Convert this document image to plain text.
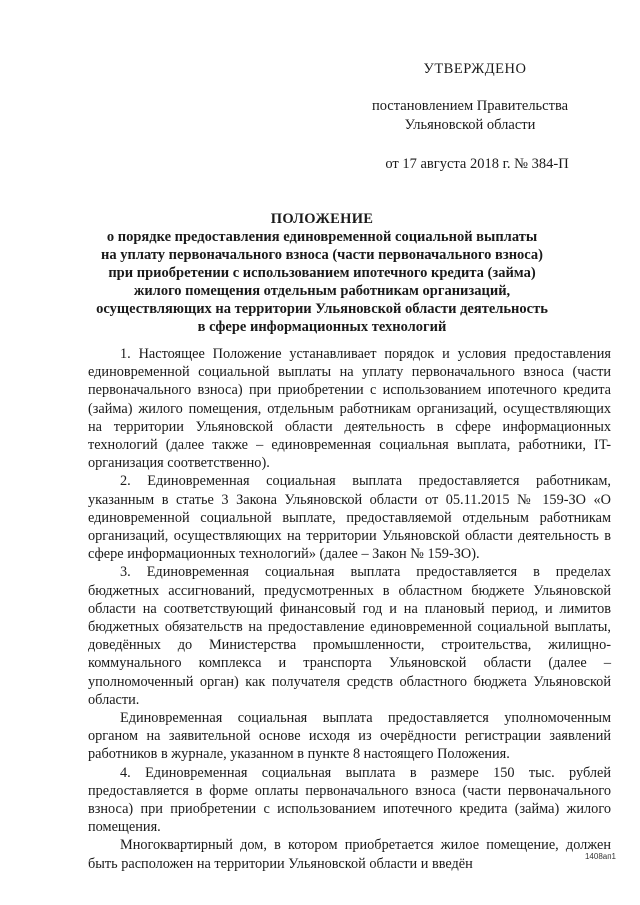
УТВЕРЖДЕНО
постановлением Правительства
Ульяновской области
от 17 августа 2018 г. № 384-П
ПОЛОЖЕНИЕ
о порядке предоставления единовременной социальной выплаты
на уплату первоначального взноса (части первоначального взноса)
при приобретении с использованием ипотечного кредита (займа)
жилого помещения отдельным работникам организаций,
осуществляющих на территории Ульяновской области деятельность
в сфере информационных технологий

1. Настоящее Положение устанавливает порядок и условия предоставления единовременной социальной выплаты на уплату первоначального взноса (части первоначального взноса) при приобретении с использованием ипотечного кредита (займа) жилого помещения, отдельным работникам организаций, осуществляющих на территории Ульяновской области деятельность в сфере информационных технологий (далее также – единовременная социальная выплата, работники, IT-организация соответственно).

2. Единовременная социальная выплата предоставляется работникам, указанным в статье 3 Закона Ульяновской области от 05.11.2015 № 159-ЗО «О единовременной социальной выплате, предоставляемой отдельным работникам организаций, осуществляющих на территории Ульяновской области деятельность в сфере информационных технологий» (далее – Закон № 159-ЗО).

3. Единовременная социальная выплата предоставляется в пределах бюджетных ассигнований, предусмотренных в областном бюджете Ульяновской области на соответствующий финансовый год и на плановый период, и лимитов бюджетных обязательств на предоставление единовременной социальной выплаты, доведённых до Министерства промышленности, строительства, жилищно-коммунального комплекса и транспорта Ульяновской области (далее – уполномоченный орган) как получателя средств областного бюджета Ульяновской области.

Единовременная социальная выплата предоставляется уполномоченным органом на заявительной основе исходя из очерёдности регистрации заявлений работников в журнале, указанном в пункте 8 настоящего Положения.

4. Единовременная социальная выплата в размере 150 тыс. рублей предоставляется в форме оплаты первоначального взноса (части первоначального взноса) при приобретении с использованием ипотечного кредита (займа) жилого помещения.

Многоквартирный дом, в котором приобретается жилое помещение, должен быть расположен на территории Ульяновской области и введён	1408ап1
